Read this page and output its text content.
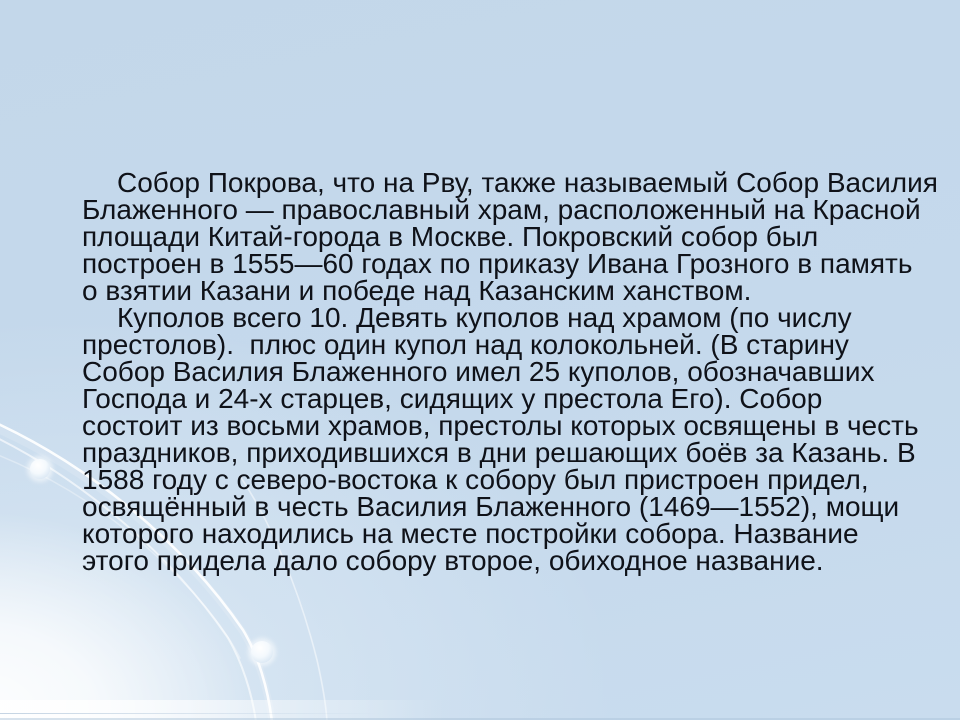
Собор Покрова, что на Рву, также называемый Собор Василия
Блаженного — православный храм, расположенный на Красной
площади Китай-города в Москве. Покровский собор был
построен в 1555—60 годах по приказу Ивана Грозного в память
о взятии Казани и победе над Казанским ханством.
Куполов всего 10. Девять куполов над храмом (по числу
престолов).  плюс один купол над колокольней. (В старину
Собор Василия Блаженного имел 25 куполов, обозначавших
Господа и 24-х старцев, сидящих у престола Его). Собор
состоит из восьми храмов, престолы которых освящены в честь
праздников, приходившихся в дни решающих боёв за Казань. В
1588 году с северо-востока к собору был пристроен придел,
освящённый в честь Василия Блаженного (1469—1552), мощи
которого находились на месте постройки собора. Название
этого придела дало собору второе, обиходное название.
